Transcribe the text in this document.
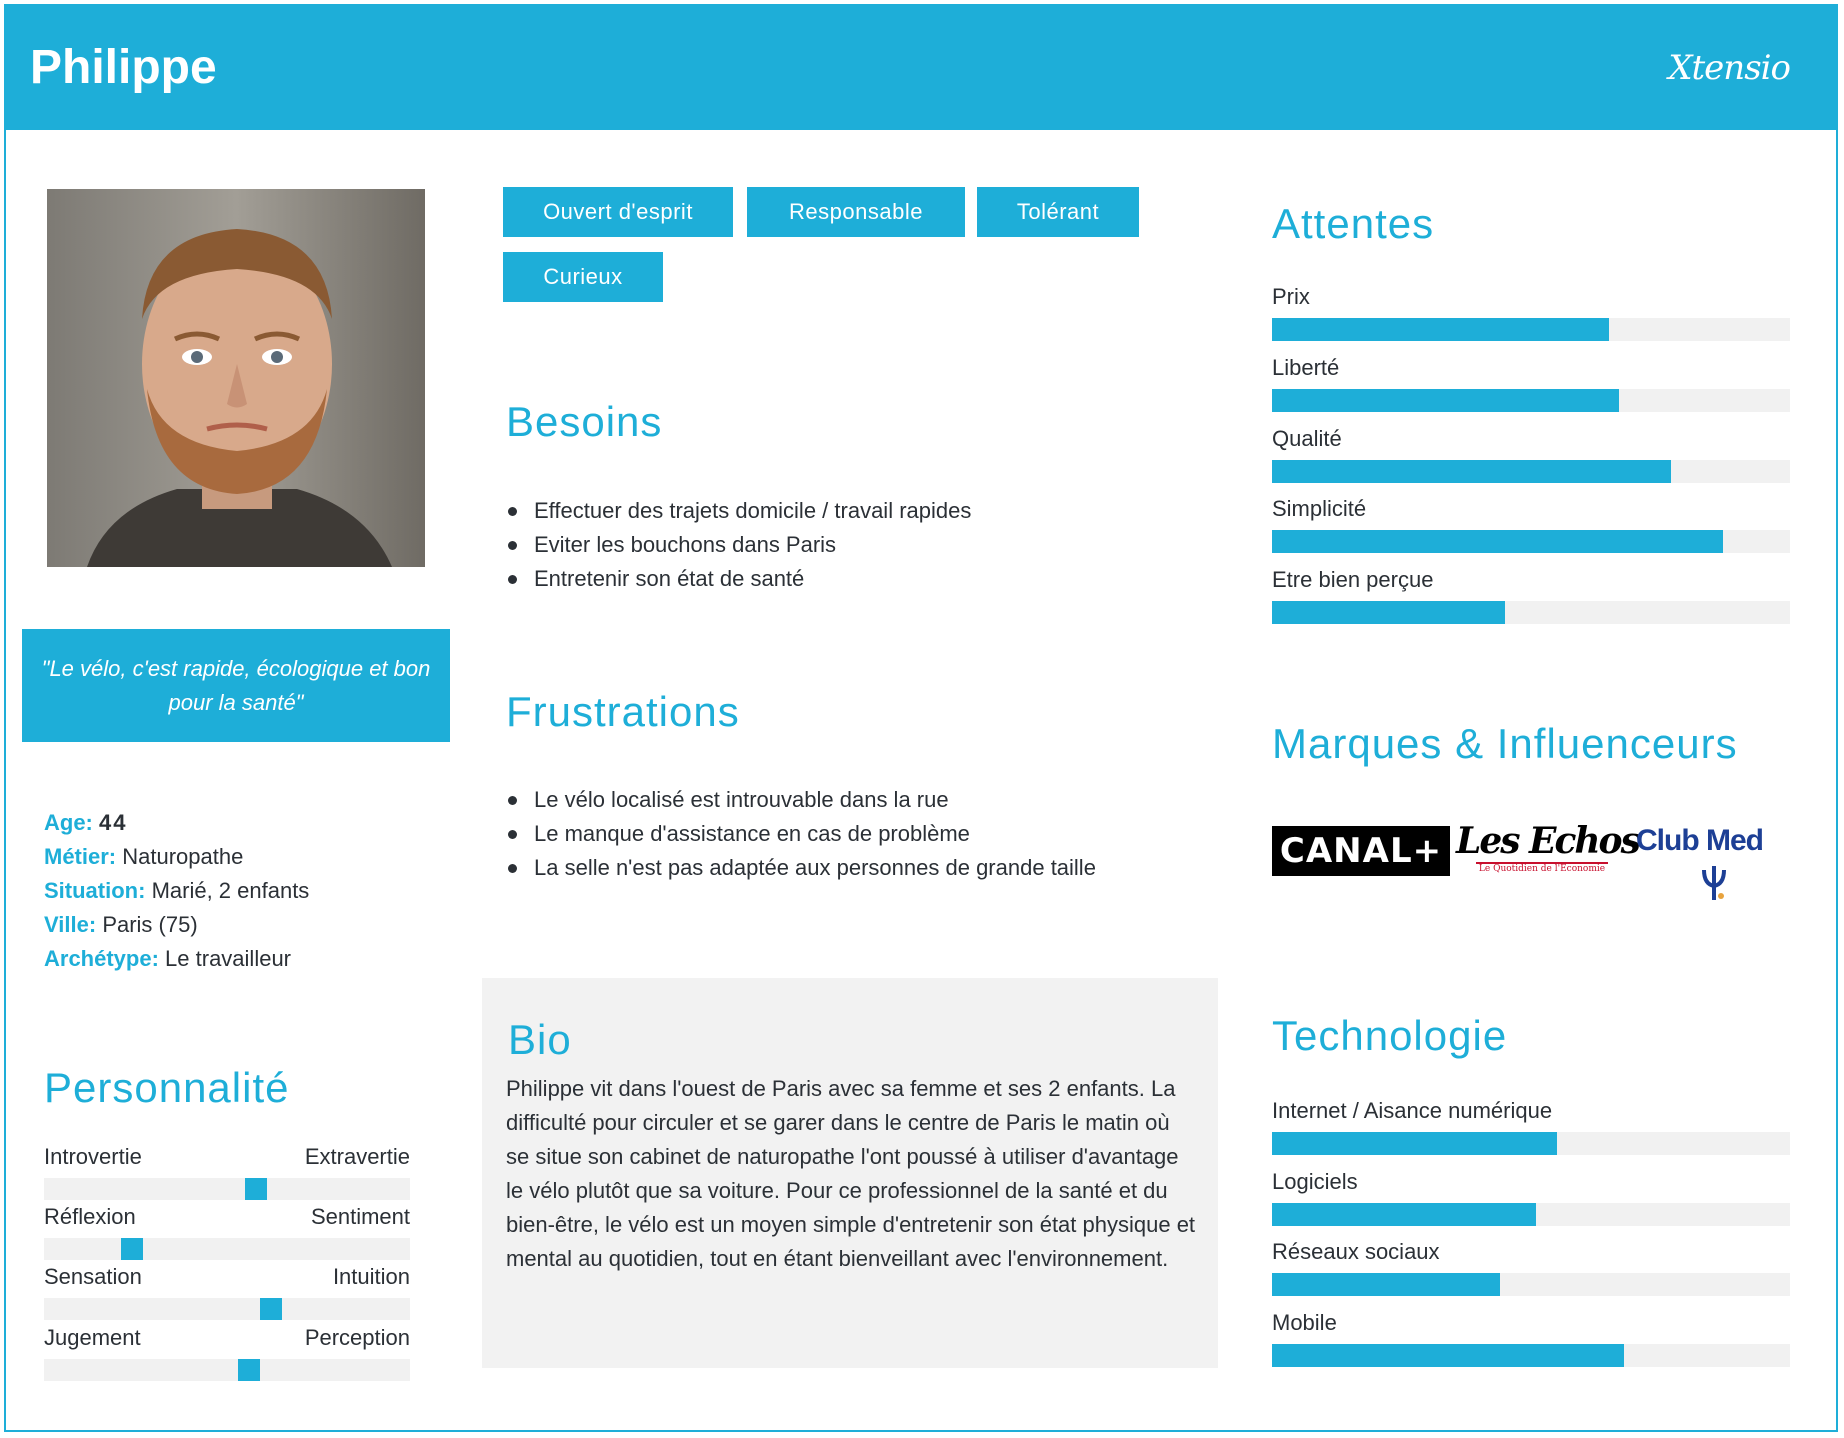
Philippe	Xtensio
"Le vélo, c'est rapide, écologique et bon pour la santé"
Age: 44
Métier: Naturopathe
Situation: Marié, 2 enfants
Ville: Paris (75)
Archétype: Le travailleur
Personnalité
Introvertie	Extravertie
Réflexion	Sentiment
Sensation	Intuition
Jugement	Perception
Ouvert d'esprit	Responsable	Tolérant
Curieux
Besoins
Effectuer des trajets domicile / travail rapides
Eviter les bouchons dans Paris
Entretenir son état de santé
Frustrations
Le vélo localisé est introuvable dans la rue
Le manque d'assistance en cas de problème
La selle n'est pas adaptée aux personnes de grande taille
Bio
Philippe vit dans l'ouest de Paris avec sa femme et ses 2 enfants. La difficulté pour circuler et se garer dans le centre de Paris le matin où se situe son cabinet de naturopathe l'ont poussé à utiliser d'avantage le vélo plutôt que sa voiture. Pour ce professionnel de la santé et du bien-être, le vélo est un moyen simple d'entretenir son état physique et mental au quotidien, tout en étant bienveillant avec l'environnement.
Attentes
Prix
Liberté
Qualité
Simplicité
Etre bien perçue
Marques & Influenceurs
CANAL+ Les Echos
Le Quotidien de l'Économie
Club Med
Technologie
Internet / Aisance numérique
Logiciels
Réseaux sociaux
Mobile
